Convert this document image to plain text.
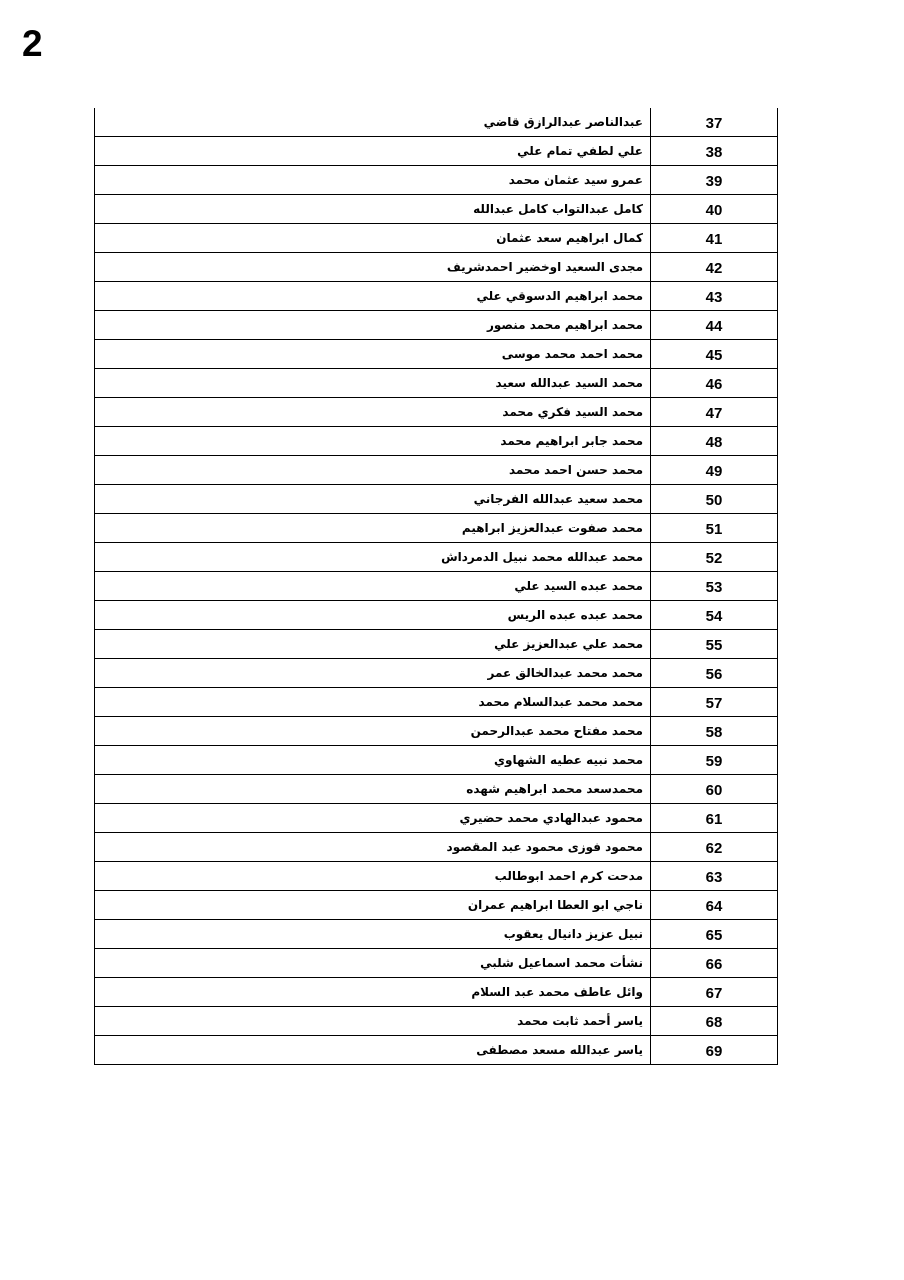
2
عبدالناصر عبدالرازق قاضي	37
علي لطفي تمام علي	38
عمرو سيد عثمان محمد	39
كامل عبدالتواب كامل عبدالله	40
كمال ابراهيم سعد عثمان	41
مجدى السعيد اوخضير احمدشريف	42
محمد ابراهيم الدسوقي علي	43
محمد ابراهيم محمد منصور	44
محمد احمد محمد موسى	45
محمد السيد عبدالله سعيد	46
محمد السيد فكري محمد	47
محمد جابر ابراهيم محمد	48
محمد حسن احمد محمد	49
محمد سعيد عبدالله الفرجاني	50
محمد صفوت عبدالعزيز ابراهيم	51
محمد عبدالله محمد نبيل الدمرداش	52
محمد عبده السيد علي	53
محمد عبده عبده الريس	54
محمد علي عبدالعزيز علي	55
محمد محمد عبدالخالق عمر	56
محمد محمد عبدالسلام محمد	57
محمد مفتاح محمد عبدالرحمن	58
محمد نبيه عطيه الشهاوي	59
محمدسعد محمد ابراهيم شهده	60
محمود عبدالهادي محمد حضيري	61
محمود فوزى محمود عبد المقصود	62
مدحت كرم احمد ابوطالب	63
ناجي ابو العطا ابراهيم عمران	64
نبيل عزيز دانيال يعقوب	65
نشأت محمد اسماعيل شلبي	66
وائل عاطف محمد عبد السلام	67
ياسر أحمد ثابت محمد	68
ياسر عبدالله مسعد مصطفى	69
